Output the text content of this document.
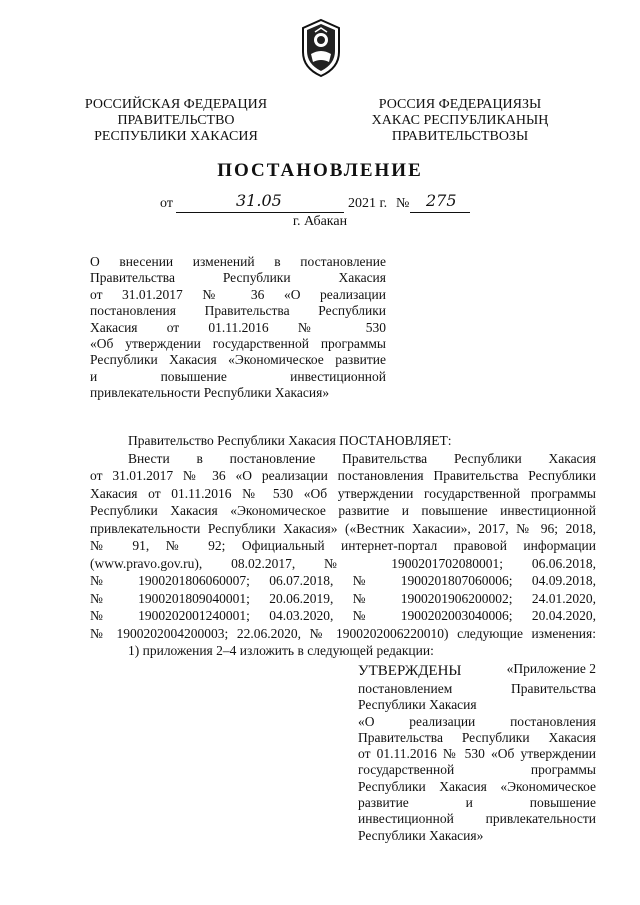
РОССИЙСКАЯ ФЕДЕРАЦИЯ
ПРАВИТЕЛЬСТВО
РЕСПУБЛИКИ ХАКАСИЯ
РОССИЯ ФЕДЕРАЦИЯЗЫ
ХАКАС РЕСПУБЛИКАНЫҢ
ПРАВИТЕЛЬСТВОЗЫ
ПОСТАНОВЛЕНИЕ
от	31.05	2021 г. № 275
г. Абакан
О внесении изменений в постановление
Правительства Республики Хакасия
от 31.01.2017 № 36 «О реализации
постановления Правительства Республики
Хакасия от 01.11.2016 № 530
«Об утверждении государственной программы
Республики Хакасия «Экономическое развитие
и повышение инвестиционной
привлекательности Республики Хакасия»
Правительство Республики Хакасия ПОСТАНОВЛЯЕТ:
Внести в постановление Правительства Республики Хакасия
от 31.01.2017 № 36 «О реализации постановления Правительства Республики
Хакасия от 01.11.2016 № 530 «Об утверждении государственной программы
Республики Хакасия «Экономическое развитие и повышение инвестиционной
привлекательности Республики Хакасия» («Вестник Хакасии», 2017, № 96; 2018,
№ 91, № 92; Официальный интернет-портал правовой информации
(www.pravo.gov.ru), 08.02.2017, № 1900201702080001; 06.06.2018,
№ 1900201806060007; 06.07.2018, № 1900201807060006; 04.09.2018,
№ 1900201809040001; 20.06.2019, № 1900201906200002; 24.01.2020,
№ 1900202001240001; 04.03.2020, № 1900202003040006; 20.04.2020,
№ 1900202004200003; 22.06.2020, № 1900202006220010) следующие изменения:
1) приложения 2–4 изложить в следующей редакции:
«Приложение 2
УТВЕРЖДЕНЫ
постановлением Правительства
Республики Хакасия
«О реализации постановления
Правительства Республики Хакасия
от 01.11.2016 № 530 «Об утверждении
государственной программы
Республики Хакасия «Экономическое
развитие и повышение
инвестиционной привлекательности
Республики Хакасия»
